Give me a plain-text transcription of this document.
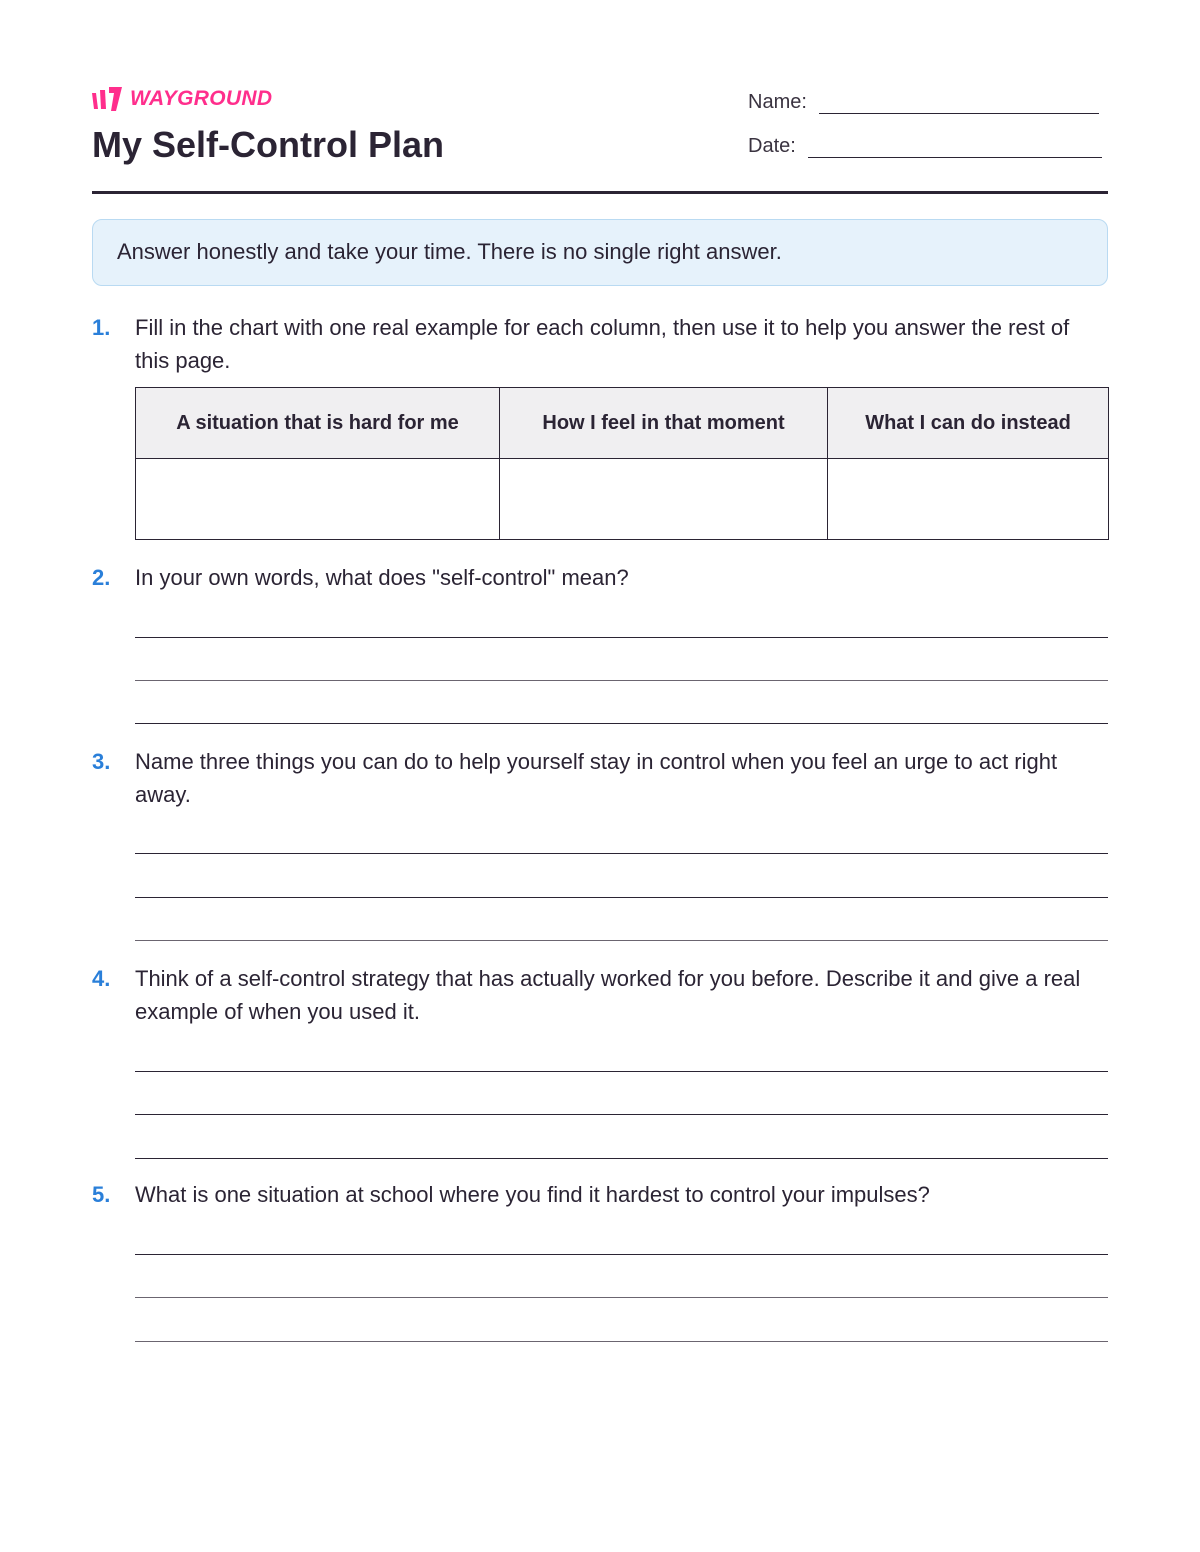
WAYGROUND
My Self-Control Plan
Name:
Date:
Answer honestly and take your time. There is no single right answer.
1.	Fill in the chart with one real example for each column, then use it to help you answer the rest of this page.
A situation that is hard for me	How I feel in that moment	What I can do instead

2.	In your own words, what does "self-control" mean?
3.	Name three things you can do to help yourself stay in control when you feel an urge to act right away.
4.	Think of a self-control strategy that has actually worked for you before. Describe it and give a real example of when you used it.
5.	What is one situation at school where you find it hardest to control your impulses?
